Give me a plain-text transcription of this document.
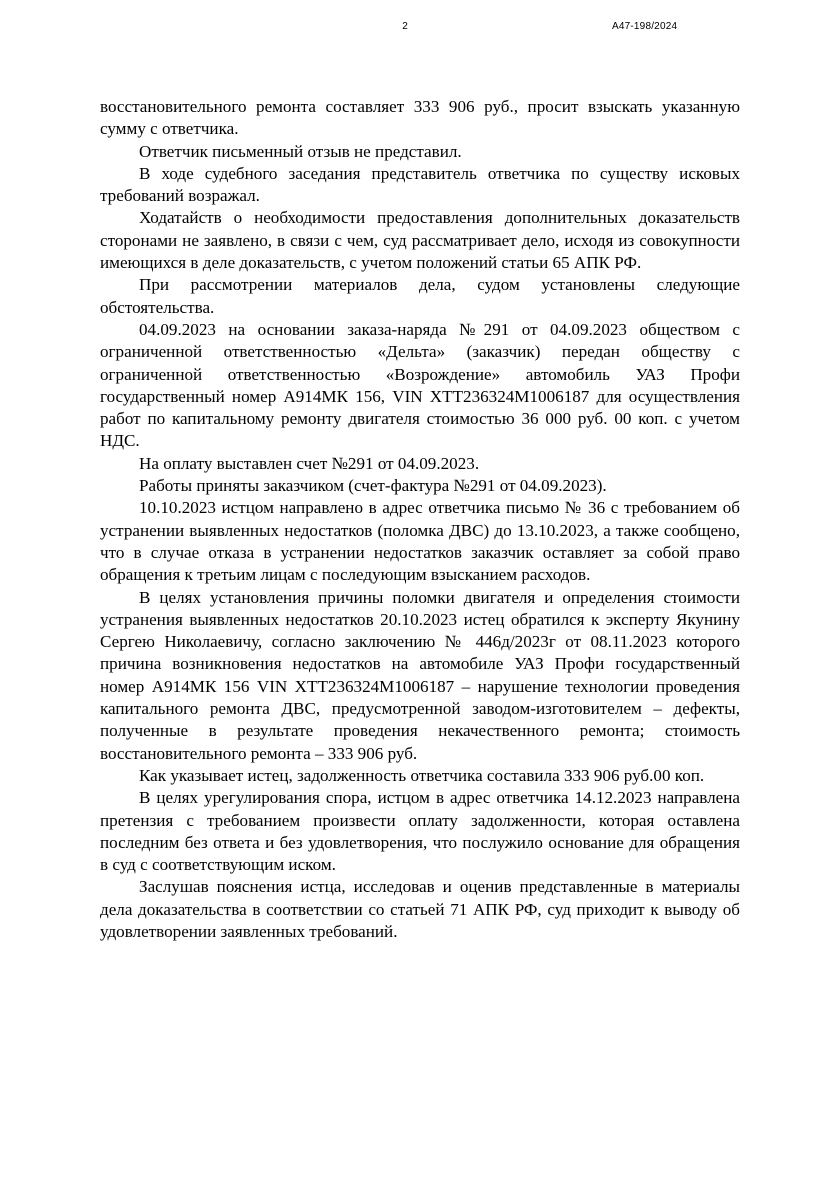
2	А47-198/2024

восстановительного ремонта составляет 333 906 руб., просит взыскать указанную сумму с ответчика.

Ответчик письменный отзыв не представил.

В ходе судебного заседания представитель ответчика по существу исковых требований возражал.

Ходатайств о необходимости предоставления дополнительных доказательств сторонами не заявлено, в связи с чем, суд рассматривает дело, исходя из совокупности имеющихся в деле доказательств, с учетом положений статьи 65 АПК РФ.

При рассмотрении материалов дела, судом установлены следующие обстоятельства.

04.09.2023 на основании заказа-наряда №291 от 04.09.2023 обществом с ограниченной ответственностью «Дельта» (заказчик) передан обществу с ограниченной ответственностью «Возрождение» автомобиль УАЗ Профи государственный номер А914МК 156, VIN ХТТ236324М1006187 для осуществления работ по капитальному ремонту двигателя стоимостью 36 000 руб. 00 коп. с учетом НДС.

На оплату выставлен счет №291 от 04.09.2023.

Работы приняты заказчиком (счет-фактура №291 от 04.09.2023).

10.10.2023 истцом направлено в адрес ответчика письмо № 36 с требованием об устранении выявленных недостатков (поломка ДВС) до 13.10.2023, а также сообщено, что в случае отказа в устранении недостатков заказчик оставляет за собой право обращения к третьим лицам с последующим взысканием расходов.

В целях установления причины поломки двигателя и определения стоимости устранения выявленных недостатков 20.10.2023 истец обратился к эксперту Якунину Сергею Николаевичу, согласно заключению № 446д/2023г от 08.11.2023 которого причина возникновения недостатков на автомобиле УАЗ Профи государственный номер А914МК 156 VIN ХТТ236324М1006187 – нарушение технологии проведения капитального ремонта ДВС, предусмотренной заводом-изготовителем – дефекты, полученные в результате проведения некачественного ремонта; стоимость восстановительного ремонта – 333 906 руб.

Как указывает истец, задолженность ответчика составила 333 906 руб.00 коп.

В целях урегулирования спора, истцом в адрес ответчика 14.12.2023 направлена претензия с требованием произвести оплату задолженности, которая оставлена последним без ответа и без удовлетворения, что послужило основание для обращения в суд с соответствующим иском.

Заслушав пояснения истца, исследовав и оценив представленные в материалы дела доказательства в соответствии со статьей 71 АПК РФ, суд приходит к выводу об удовлетворении заявленных требований.
